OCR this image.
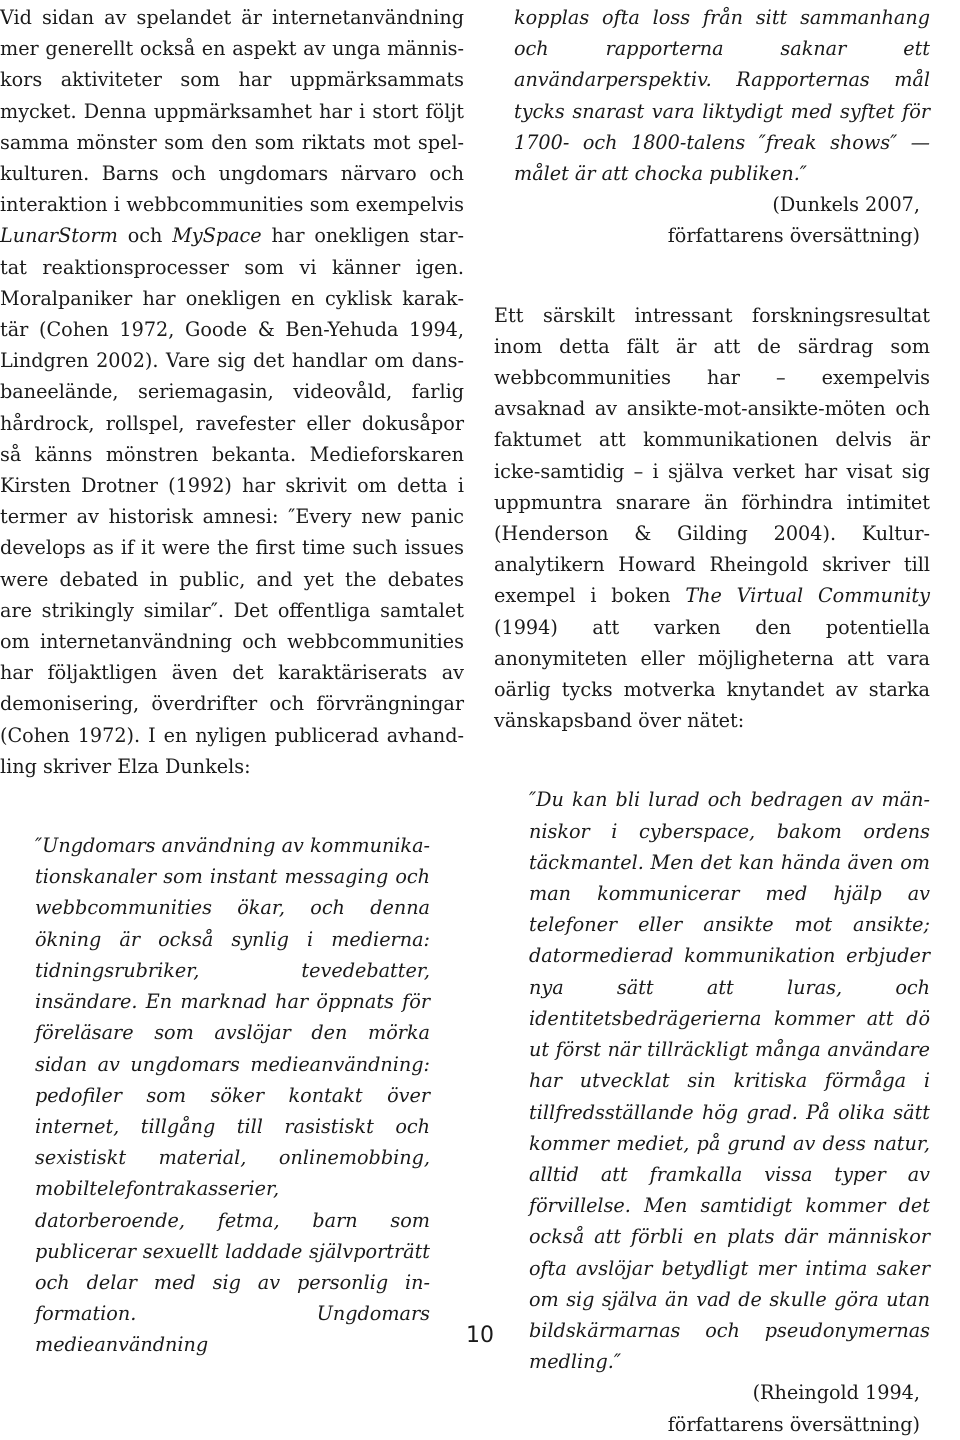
Vid sidan av spelandet är internetanvändning mer generellt också en aspekt av unga människors aktiviteter som har uppmärksammats mycket. Denna uppmärksamhet har i stort följt samma mönster som den som riktats mot spelkulturen. Barns och ungdomars närvaro och interaktion i webbcommunities som exempelvis LunarStorm och MySpace har onekligen startat reaktionsprocesser som vi känner igen. Moralpaniker har onekligen en cyklisk karaktär (Cohen 1972, Goode & Ben-Yehuda 1994, Lindgren 2002). Vare sig det handlar om dansbaneelände, seriemagasin, videovåld, farlig hårdrock, rollspel, ravefester eller dokusåpor så känns mönstren bekanta. Medieforskaren Kirsten Drotner (1992) har skrivit om detta i termer av historisk amnesi: ″Every new panic develops as if it were the first time such issues were debated in public, and yet the debates are strikingly similar″. Det offentliga samtalet om internetanvändning och webbcommunities har följaktligen även det karaktäriserats av demonisering, överdrifter och förvrängningar (Cohen 1972). I en nyligen publicerad avhandling skriver Elza Dunkels:

″Ungdomars användning av kommunikationskanaler som instant messaging och webbcommunities ökar, och denna ökning är också synlig i medierna: tidningsrubriker, tevedebatter, insändare. En marknad har öppnats för föreläsare som avslöjar den mörka sidan av ungdomars medieanvändning: pedofiler som söker kontakt över internet, tillgång till rasistiskt och sexistiskt material, onlinemobbing, mobiltelefontrakasserier, datorberoende, fetma, barn som publicerar sexuellt laddade självporträtt och delar med sig av personlig information. Ungdomars medieanvändning

kopplas ofta loss från sitt sammanhang och rapporterna saknar ett användarperspektiv. Rapporternas mål tycks snarast vara liktydigt med syftet för 1700- och 1800-talens ″freak shows″ — målet är att chocka publiken.″

(Dunkels 2007,
författarens översättning)

Ett särskilt intressant forskningsresultat inom detta fält är att de särdrag som webbcommunities har – exempelvis avsaknad av ansikte-mot-ansikte-möten och faktumet att kommunikationen delvis är icke-samtidig – i själva verket har visat sig uppmuntra snarare än förhindra intimitet (Henderson & Gilding 2004). Kulturanalytikern Howard Rheingold skriver till exempel i boken The Virtual Community (1994) att varken den potentiella anonymiteten eller möjligheterna att vara oärlig tycks motverka knytandet av starka vänskapsband över nätet:

″Du kan bli lurad och bedragen av människor i cyberspace, bakom ordens täckmantel. Men det kan hända även om man kommunicerar med hjälp av telefoner eller ansikte mot ansikte; datormedierad kommunikation erbjuder nya sätt att luras, och identitetsbedrägerierna kommer att dö ut först när tillräckligt många användare har utvecklat sin kritiska förmåga i tillfredsställande hög grad. På olika sätt kommer mediet, på grund av dess natur, alltid att framkalla vissa typer av förvillelse. Men samtidigt kommer det också att förbli en plats där människor ofta avslöjar betydligt mer intima saker om sig själva än vad de skulle göra utan bildskärmarnas och pseudonymernas medling.″

(Rheingold 1994,
författarens översättning)
10
